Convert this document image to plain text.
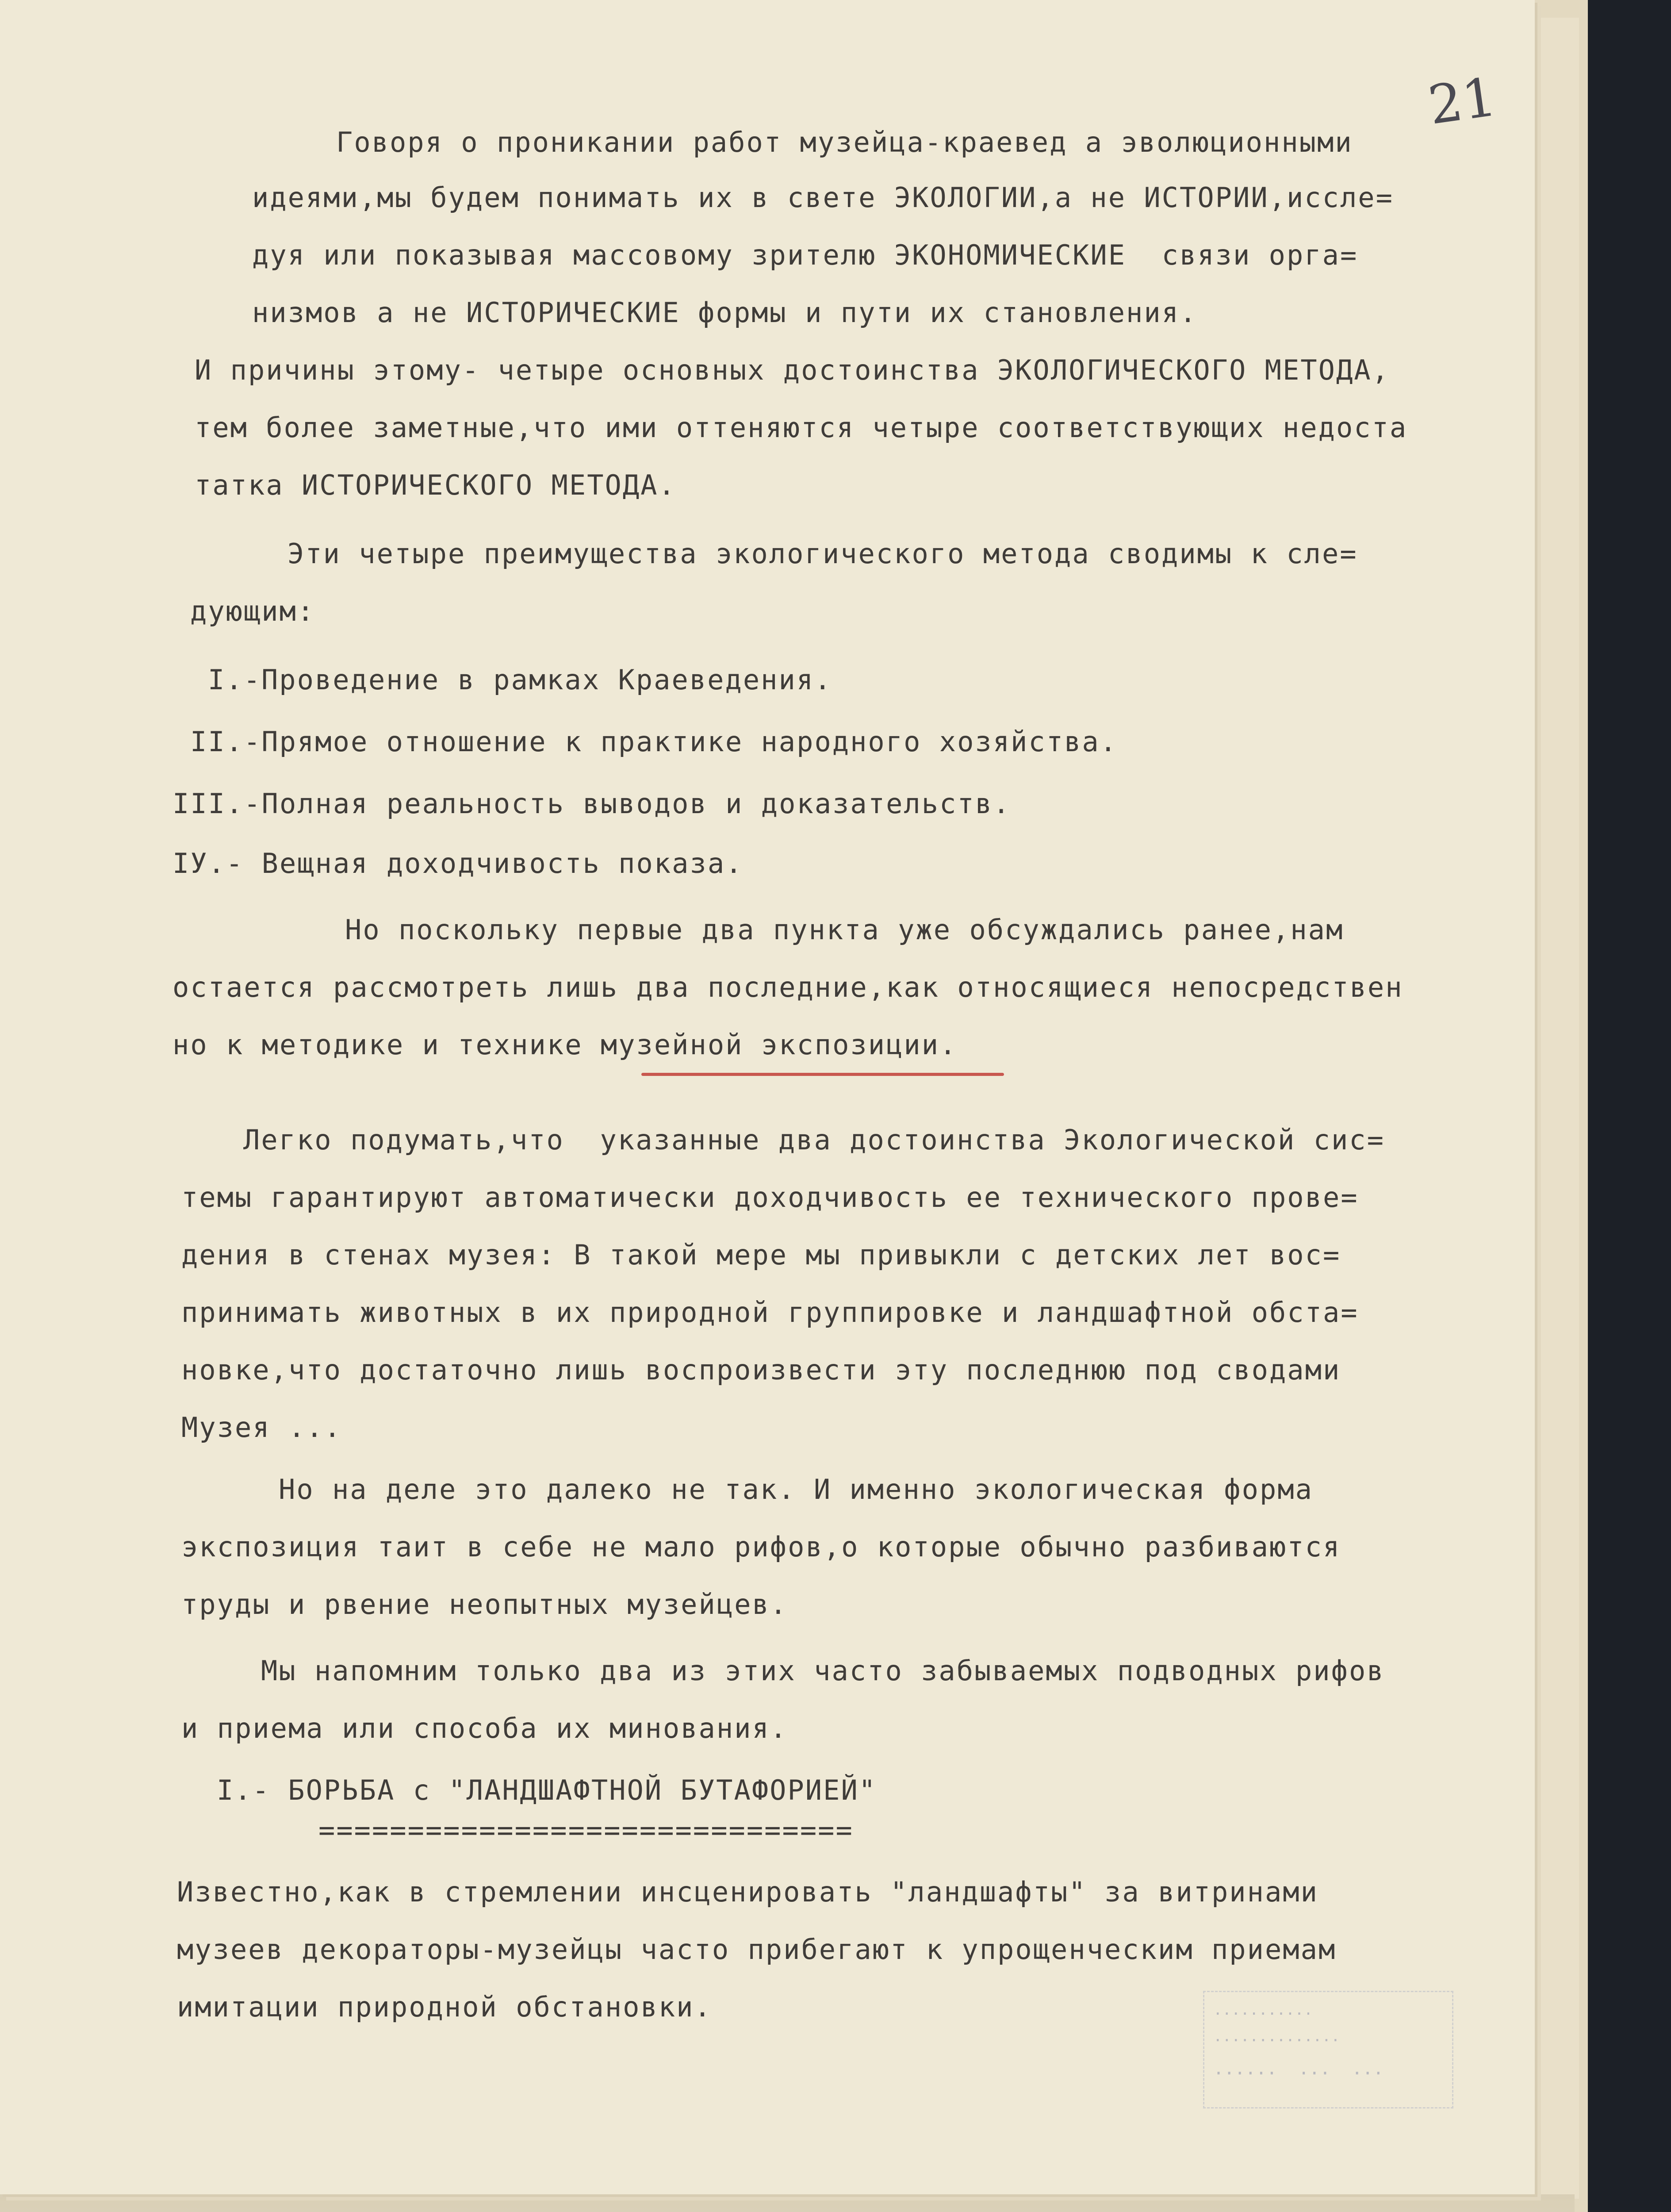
21
Говоря о проникании работ музейца-краевед а эволюционными
идеями,мы будем понимать их в свете ЭКОЛОГИИ,а не ИСТОРИИ,иссле=
дуя или показывая массовому зрителю ЭКОНОМИЧЕСКИЕ  связи орга=
низмов а не ИСТОРИЧЕСКИЕ формы и пути их становления.
И причины этому- четыре основных достоинства ЭКОЛОГИЧЕСКОГО МЕТОДА,
тем более заметные,что ими оттеняются четыре соответствующих недоста
татка ИСТОРИЧЕСКОГО МЕТОДА.
Эти четыре преимущества экологического метода сводимы к сле=
дующим:
I.-Проведение в рамках Краеведения.
II.-Прямое отношение к практике народного хозяйства.
III.-Полная реальность выводов и доказательств.
IУ.- Вещная доходчивость показа.
Но поскольку первые два пункта уже обсуждались ранее,нам
остается рассмотреть лишь два последние,как относящиеся непосредствен
но к методике и технике музейной экспозиции.
Легко подумать,что  указанные два достоинства Экологической сис=
темы гарантируют автоматически доходчивость ее технического прове=
дения в стенах музея: В такой мере мы привыкли с детских лет вос=
принимать животных в их природной группировке и ландшафтной обста=
новке,что достаточно лишь воспроизвести эту последнюю под сводами
Музея ...
Но на деле это далеко не так. И именно экологическая форма
экспозиция таит в себе не мало рифов,о которые обычно разбиваются
труды и рвение неопытных музейцев.
Мы напомним только два из этих часто забываемых подводных рифов
и приема или способа их минования.
I.- БОРЬБА с "ЛАНДШАФТНОЙ БУТАФОРИЕЙ"
==============================
Известно,как в стремлении инсценировать "ландшафты" за витринами
музеев декораторы-музейцы часто прибегают к упрощенческим приемам
имитации природной обстановки.	...........
..............
......  ...  ...
